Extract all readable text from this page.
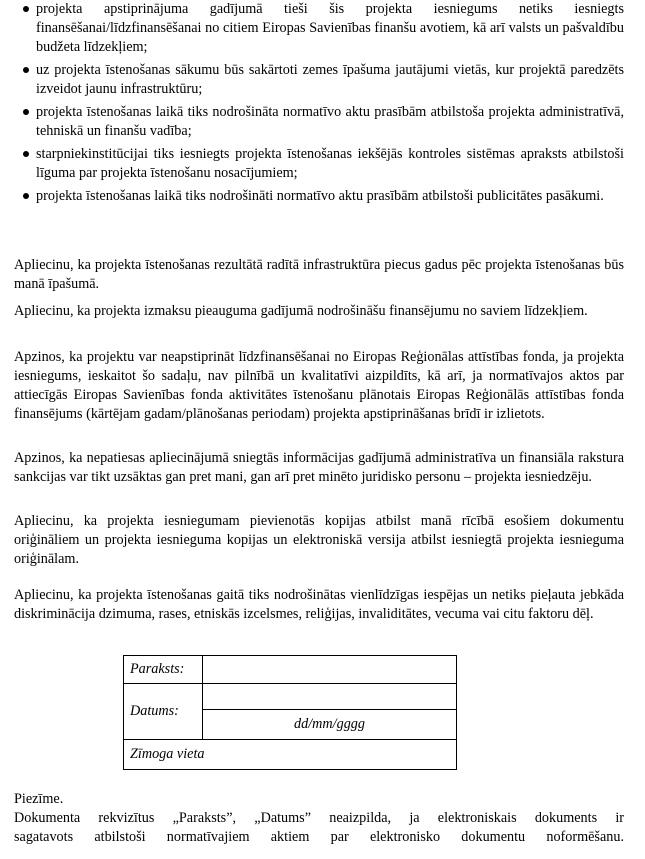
projekta apstiprinājuma gadījumā tieši šis projekta iesniegums netiks iesniegts finansēšanai/līdzfinansēšanai no citiem Eiropas Savienības finanšu avotiem, kā arī valsts un pašvaldību budžeta līdzekļiem;
uz projekta īstenošanas sākumu būs sakārtoti zemes īpašuma jautājumi vietās, kur projektā paredzēts izveidot jaunu infrastruktūru;
projekta īstenošanas laikā tiks nodrošināta normatīvo aktu prasībām atbilstoša projekta administratīvā, tehniskā un finanšu vadība;
starpniekinstitūcijai tiks iesniegts projekta īstenošanas iekšējās kontroles sistēmas apraksts atbilstoši līguma par projekta īstenošanu nosacījumiem;
projekta īstenošanas laikā tiks nodrošināti normatīvo aktu prasībām atbilstoši publicitātes pasākumi.

Apliecinu, ka projekta īstenošanas rezultātā radītā infrastruktūra piecus gadus pēc projekta īstenošanas būs manā īpašumā.

Apliecinu, ka projekta izmaksu pieauguma gadījumā nodrošināšu finansējumu no saviem līdzekļiem.

Apzinos, ka projektu var neapstiprināt līdzfinansēšanai no Eiropas Reģionālas attīstības fonda, ja projekta iesniegums, ieskaitot šo sadaļu, nav pilnībā un kvalitatīvi aizpildīts, kā arī, ja normatīvajos aktos par attiecīgās Eiropas Savienības fonda aktivitātes īstenošanu plānotais Eiropas Reģionālās attīstības fonda finansējums (kārtējam gadam/plānošanas periodam) projekta apstiprināšanas brīdī ir izlietots.

Apzinos, ka nepatiesas apliecinājumā sniegtās informācijas gadījumā administratīva un finansiāla rakstura sankcijas var tikt uzsāktas gan pret mani, gan arī pret minēto juridisko personu – projekta iesniedzēju.

Apliecinu, ka projekta iesniegumam pievienotās kopijas atbilst manā rīcībā esošiem dokumentu oriģināliem un projekta iesnieguma kopijas un elektroniskā versija atbilst iesniegtā projekta iesnieguma oriģinālam.

Apliecinu, ka projekta īstenošanas gaitā tiks nodrošinātas vienlīdzīgas iespējas un netiks pieļauta jebkāda diskriminācija dzimuma, rases, etniskās izcelsmes, reliģijas, invaliditātes, vecuma vai citu faktoru dēļ.

Paraksts:	
Datums:	
	dd/mm/gggg
Zīmoga vieta	

Piezīme.

Dokumenta rekvizītus „Paraksts”, „Datums” neaizpilda, ja elektroniskais dokuments ir

sagatavots atbilstoši normatīvajiem aktiem par elektronisko dokumentu noformēšanu.
